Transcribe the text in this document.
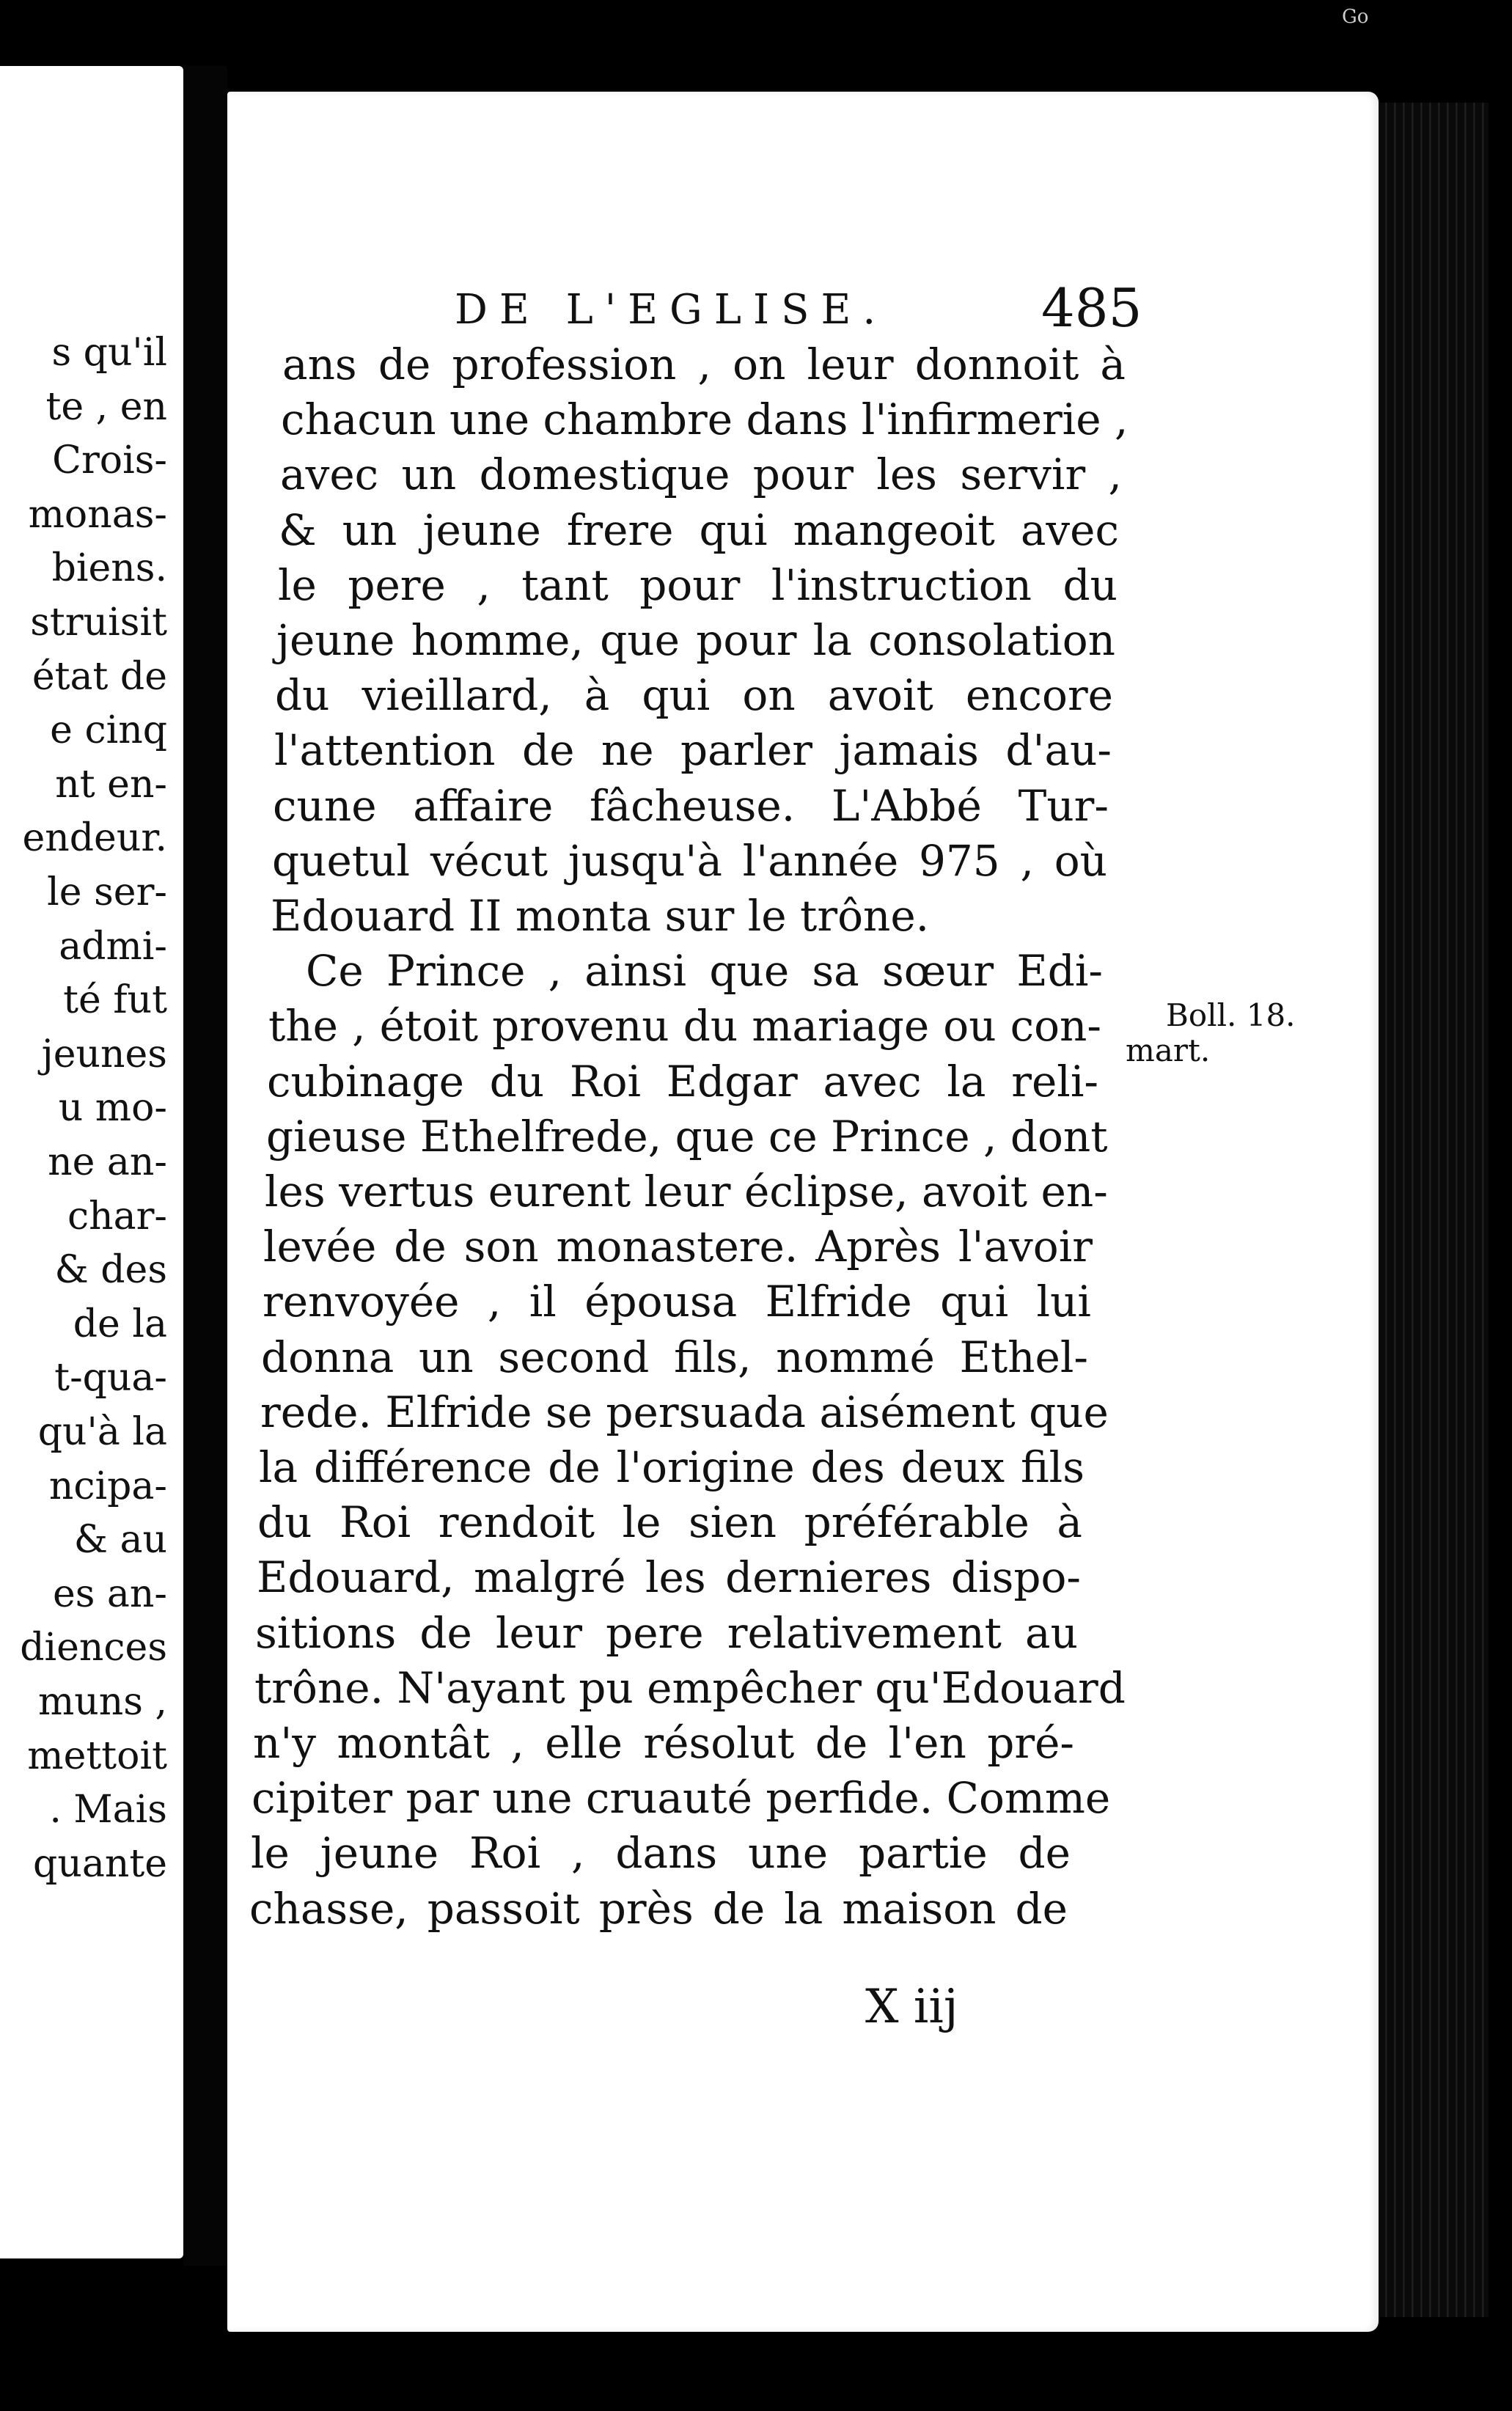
s qu'il
te , en
Crois-
monas-
biens.
struisit
état de
e cinq
nt en-
endeur.
le ser-
admi-
té fut
jeunes
u mo-
ne an-
char-
& des
de la
t-qua-
qu'à la
ncipa-
& au
es an-
diences
muns ,
mettoit
. Mais
quante
Go
DE L'EGLISE.	485
ans de profession , on leur donnoit à
chacun une chambre dans l'infirmerie ,
avec un domestique pour les servir ,
& un jeune frere qui mangeoit avec
le pere , tant pour l'instruction du
jeune homme, que pour la consolation
du vieillard, à qui on avoit encore
l'attention de ne parler jamais d'au-
cune affaire fâcheuse. L'Abbé Tur-
quetul vécut jusqu'à l'année 975 , où
Edouard II monta sur le trône.
Ce Prince , ainsi que sa sœur Edi-
the , étoit provenu du mariage ou con-
cubinage du Roi Edgar avec la reli-
gieuse Ethelfrede, que ce Prince , dont
les vertus eurent leur éclipse, avoit en-
levée de son monastere. Après l'avoir
renvoyée , il épousa Elfride qui lui
donna un second fils, nommé Ethel-
rede. Elfride se persuada aisément que
la différence de l'origine des deux fils
du Roi rendoit le sien préférable à
Edouard, malgré les dernieres dispo-
sitions de leur pere relativement au
trône. N'ayant pu empêcher qu'Edouard
n'y montât , elle résolut de l'en pré-
cipiter par une cruauté perfide. Comme
le jeune Roi , dans une partie de
chasse, passoit près de la maison de
Boll. 18.
mart.
X iij
